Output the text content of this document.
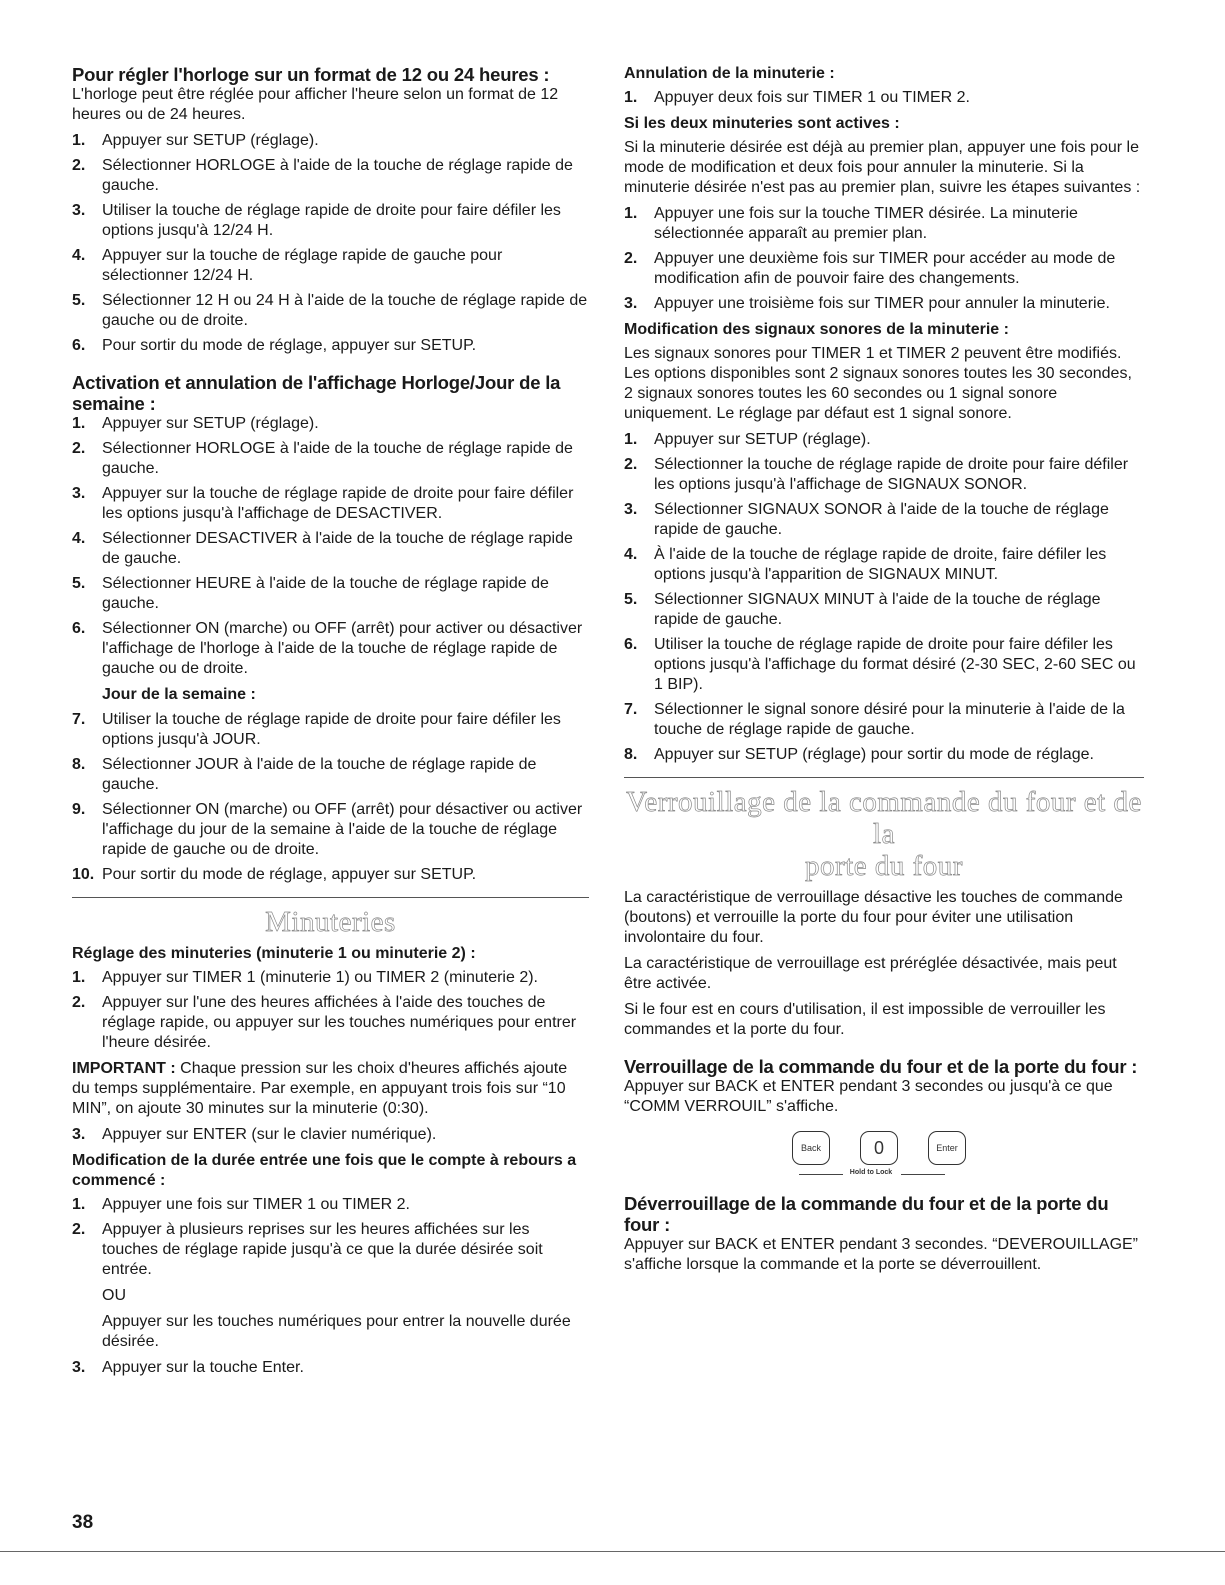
Pour régler l'horloge sur un format de 12 ou 24 heures :

L'horloge peut être réglée pour afficher l'heure selon un format de 12 heures ou de 24 heures.

1. Appuyer sur SETUP (réglage).
2. Sélectionner HORLOGE à l'aide de la touche de réglage rapide de gauche.
3. Utiliser la touche de réglage rapide de droite pour faire défiler les options jusqu'à 12/24 H.
4. Appuyer sur la touche de réglage rapide de gauche pour sélectionner 12/24 H.
5. Sélectionner 12 H ou 24 H à l'aide de la touche de réglage rapide de gauche ou de droite.
6. Pour sortir du mode de réglage, appuyer sur SETUP.
Activation et annulation de l'affichage Horloge/Jour de la semaine :
1. Appuyer sur SETUP (réglage).
2. Sélectionner HORLOGE à l'aide de la touche de réglage rapide de gauche.
3. Appuyer sur la touche de réglage rapide de droite pour faire défiler les options jusqu'à l'affichage de DESACTIVER.
4. Sélectionner DESACTIVER à l'aide de la touche de réglage rapide de gauche.
5. Sélectionner HEURE à l'aide de la touche de réglage rapide de gauche.
6. Sélectionner ON (marche) ou OFF (arrêt) pour activer ou désactiver l'affichage de l'horloge à l'aide de la touche de réglage rapide de gauche ou de droite.

Jour de la semaine :

7. Utiliser la touche de réglage rapide de droite pour faire défiler les options jusqu'à JOUR.
8. Sélectionner JOUR à l'aide de la touche de réglage rapide de gauche.
9. Sélectionner ON (marche) ou OFF (arrêt) pour désactiver ou activer l'affichage du jour de la semaine à l'aide de la touche de réglage rapide de gauche ou de droite.
10. Pour sortir du mode de réglage, appuyer sur SETUP.
Minuteries

Réglage des minuteries (minuterie 1 ou minuterie 2) :

1. Appuyer sur TIMER 1 (minuterie 1) ou TIMER 2 (minuterie 2).
2. Appuyer sur l'une des heures affichées à l'aide des touches de réglage rapide, ou appuyer sur les touches numériques pour entrer l'heure désirée.

IMPORTANT : Chaque pression sur les choix d'heures affichés ajoute du temps supplémentaire. Par exemple, en appuyant trois fois sur “10 MIN”, on ajoute 30 minutes sur la minuterie (0:30).

3. Appuyer sur ENTER (sur le clavier numérique).

Modification de la durée entrée une fois que le compte à rebours a commencé :

1. Appuyer une fois sur TIMER 1 ou TIMER 2.
2. Appuyer à plusieurs reprises sur les heures affichées sur les touches de réglage rapide jusqu'à ce que la durée désirée soit entrée.

OU

Appuyer sur les touches numériques pour entrer la nouvelle durée désirée.

3. Appuyer sur la touche Enter.

Annulation de la minuterie :

1. Appuyer deux fois sur TIMER 1 ou TIMER 2.

Si les deux minuteries sont actives :

Si la minuterie désirée est déjà au premier plan, appuyer une fois pour le mode de modification et deux fois pour annuler la minuterie. Si la minuterie désirée n'est pas au premier plan, suivre les étapes suivantes :

1. Appuyer une fois sur la touche TIMER désirée. La minuterie sélectionnée apparaît au premier plan.
2. Appuyer une deuxième fois sur TIMER pour accéder au mode de modification afin de pouvoir faire des changements.
3. Appuyer une troisième fois sur TIMER pour annuler la minuterie.

Modification des signaux sonores de la minuterie :

Les signaux sonores pour TIMER 1 et TIMER 2 peuvent être modifiés. Les options disponibles sont 2 signaux sonores toutes les 30 secondes, 2 signaux sonores toutes les 60 secondes ou 1 signal sonore uniquement. Le réglage par défaut est 1 signal sonore.

1. Appuyer sur SETUP (réglage).
2. Sélectionner la touche de réglage rapide de droite pour faire défiler les options jusqu'à l'affichage de SIGNAUX SONOR.
3. Sélectionner SIGNAUX SONOR à l'aide de la touche de réglage rapide de gauche.
4. À l'aide de la touche de réglage rapide de droite, faire défiler les options jusqu'à l'apparition de SIGNAUX MINUT.
5. Sélectionner SIGNAUX MINUT à l'aide de la touche de réglage rapide de gauche.
6. Utiliser la touche de réglage rapide de droite pour faire défiler les options jusqu'à l'affichage du format désiré (2-30 SEC, 2-60 SEC ou 1 BIP).
7. Sélectionner le signal sonore désiré pour la minuterie à l'aide de la touche de réglage rapide de gauche.
8. Appuyer sur SETUP (réglage) pour sortir du mode de réglage.
Verrouillage de la commande du four et de la
porte du four

La caractéristique de verrouillage désactive les touches de commande (boutons) et verrouille la porte du four pour éviter une utilisation involontaire du four.

La caractéristique de verrouillage est préréglée désactivée, mais peut être activée.

Si le four est en cours d'utilisation, il est impossible de verrouiller les commandes et la porte du four.

Verrouillage de la commande du four et de la porte du four :

Appuyer sur BACK et ENTER pendant 3 secondes ou jusqu'à ce que “COMM VERROUIL” s'affiche.

Back	0	Enter
Hold to Lock
Déverrouillage de la commande du four et de la porte du four :

Appuyer sur BACK et ENTER pendant 3 secondes. “DEVEROUILLAGE” s'affiche lorsque la commande et la porte se déverrouillent.

38
